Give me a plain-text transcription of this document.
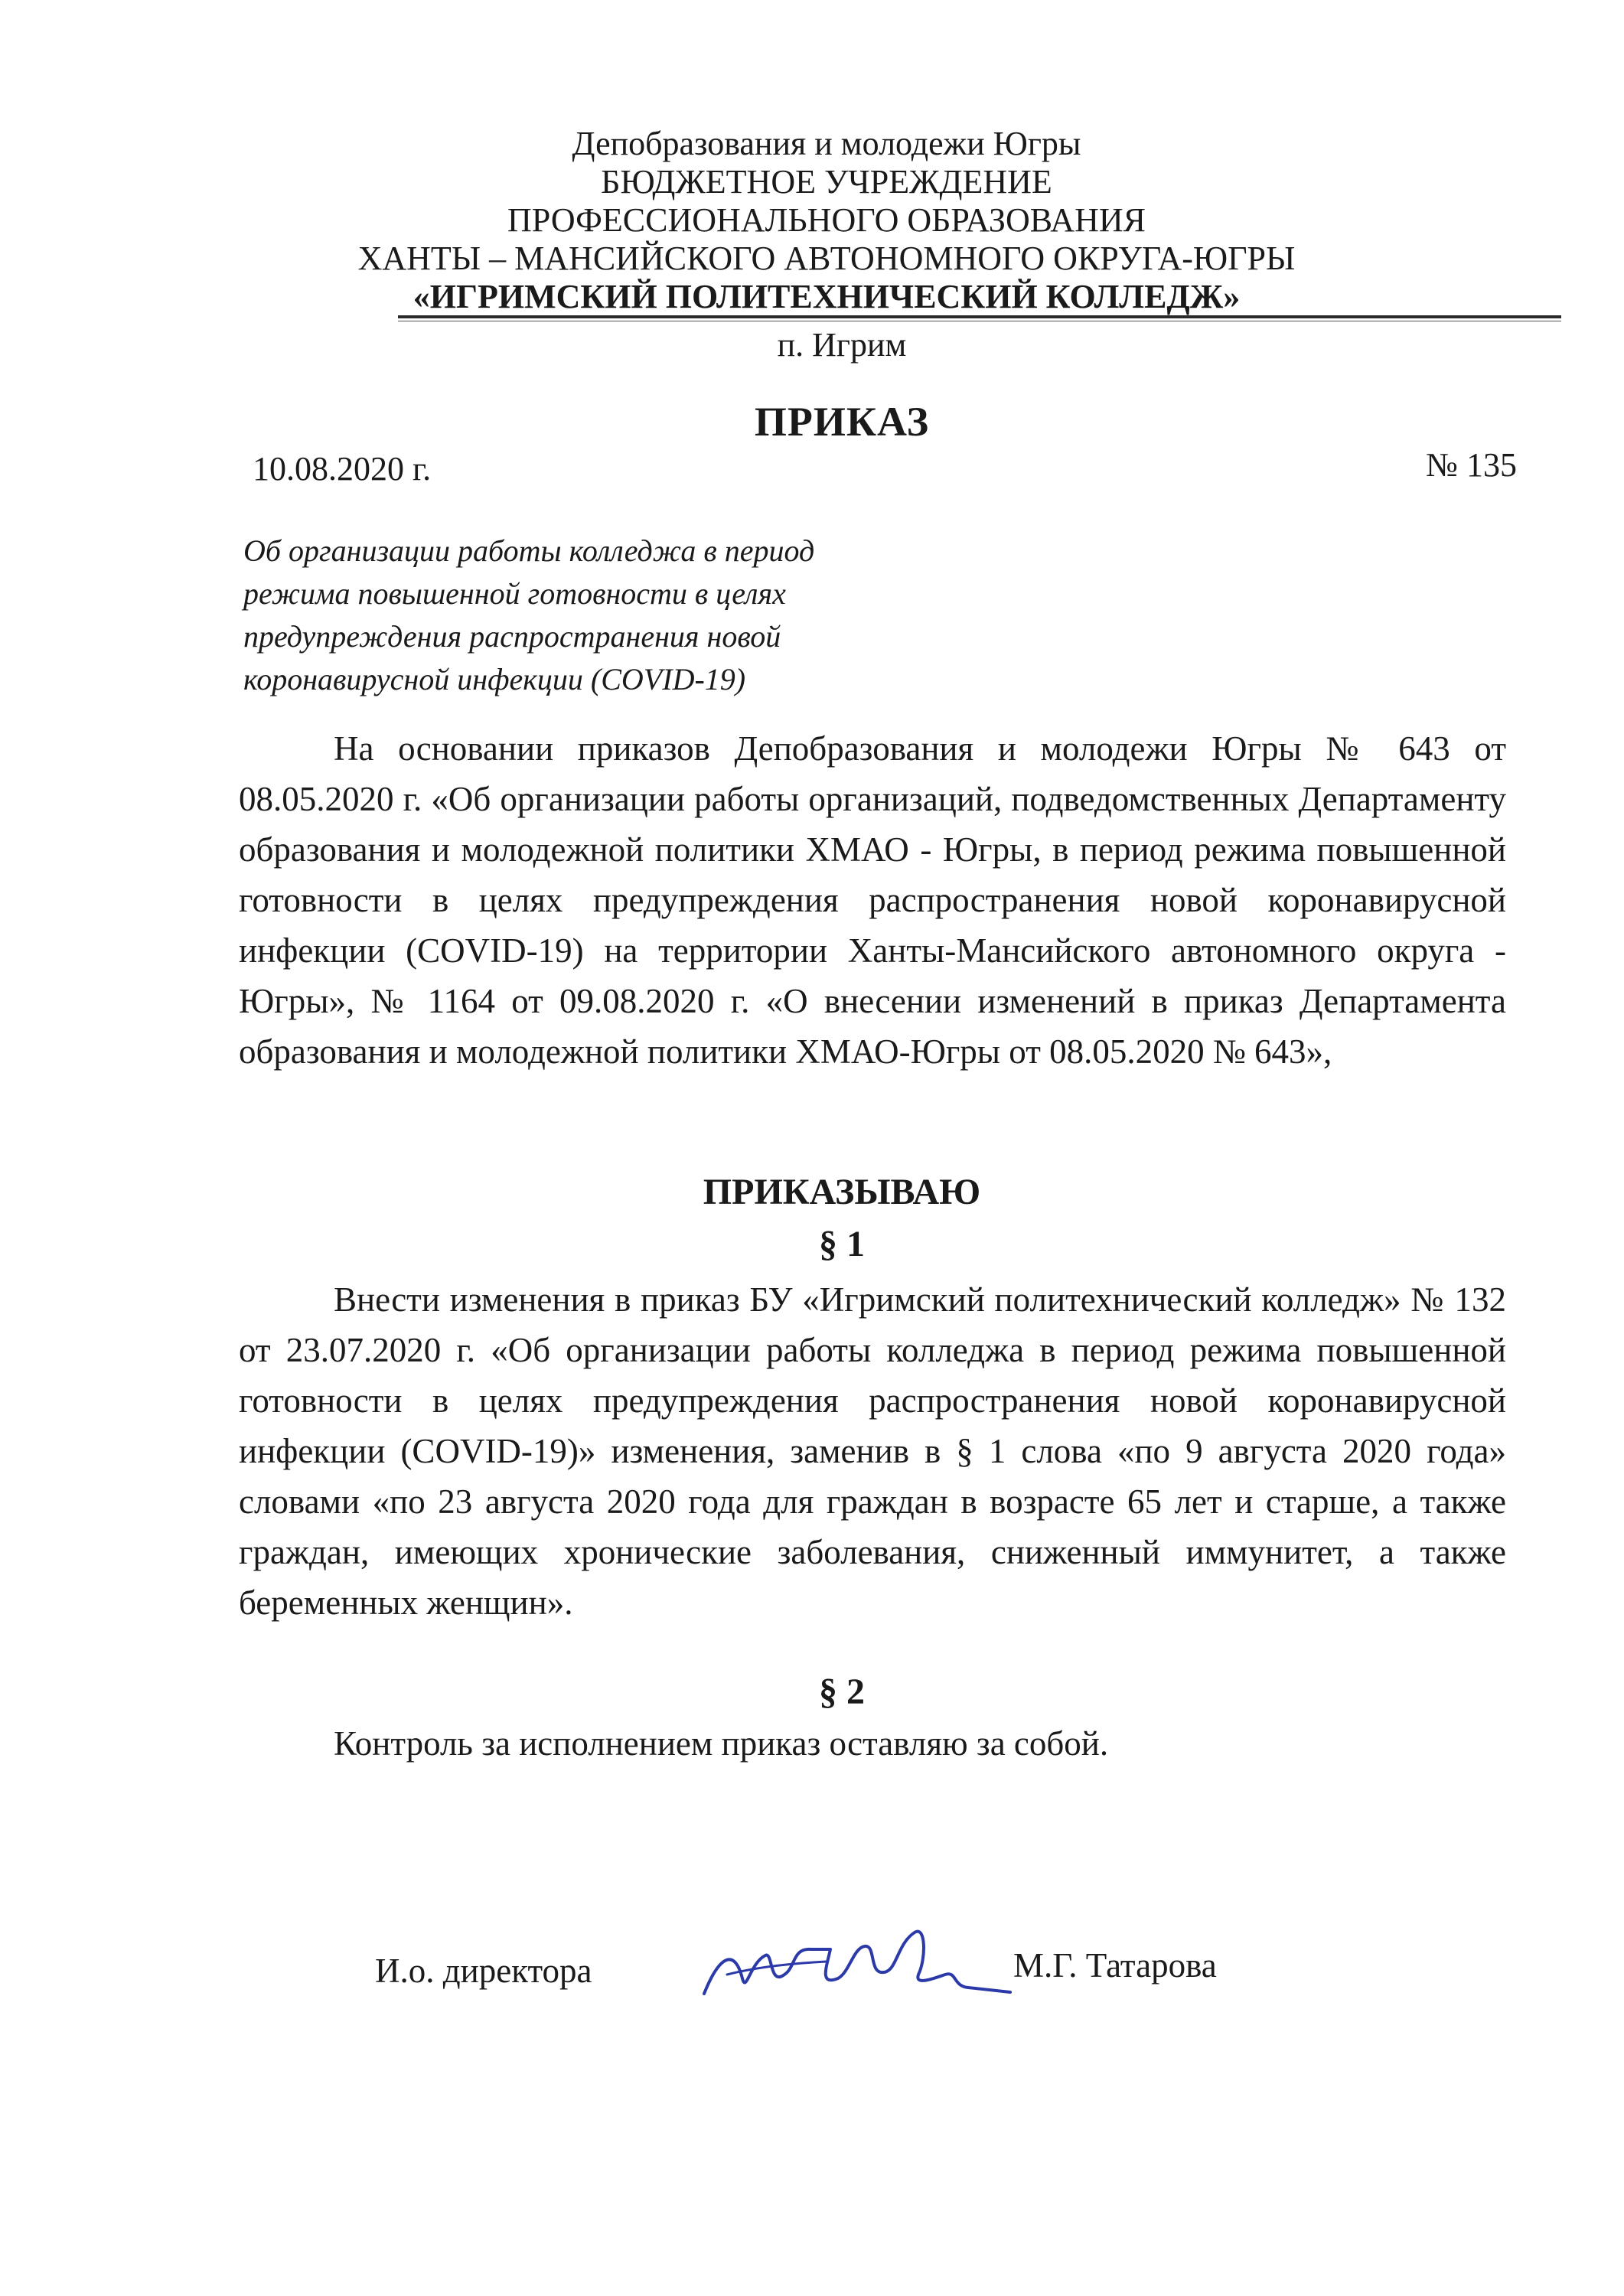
Депобразования и молодежи Югры
БЮДЖЕТНОЕ УЧРЕЖДЕНИЕ
ПРОФЕССИОНАЛЬНОГО ОБРАЗОВАНИЯ
ХАНТЫ – МАНСИЙСКОГО АВТОНОМНОГО ОКРУГА-ЮГРЫ
«ИГРИМСКИЙ ПОЛИТЕХНИЧЕСКИЙ КОЛЛЕДЖ»
п. Игрим
ПРИКАЗ
10.08.2020 г.	№ 135
Об организации работы колледжа в период
режима повышенной готовности в целях
предупреждения распространения новой
коронавирусной инфекции (COVID-19)

На основании приказов Депобразования и молодежи Югры № 643 от 08.05.2020 г. «Об организации работы организаций, подведомственных Департаменту образования и молодежной политики ХМАО - Югры, в период режима повышенной готовности в целях предупреждения распространения новой коронавирусной инфекции (COVID-19) на территории Ханты-Мансийского автономного округа - Югры», № 1164 от 09.08.2020 г. «О внесении изменений в приказ Департамента образования и молодежной политики ХМАО-Югры от 08.05.2020 № 643»,

ПРИКАЗЫВАЮ
§ 1

Внести изменения в приказ БУ «Игримский политехнический колледж» № 132 от 23.07.2020 г. «Об организации работы колледжа в период режима повышенной готовности в целях предупреждения распространения новой коронавирусной инфекции (COVID-19)» изменения, заменив в § 1 слова «по 9 августа 2020 года» словами «по 23 августа 2020 года для граждан в возрасте 65 лет и старше, а также граждан, имеющих хронические заболевания, сниженный иммунитет, а также беременных женщин».

§ 2

Контроль за исполнением приказ оставляю за собой.

И.о. директора	М.Г. Татарова
